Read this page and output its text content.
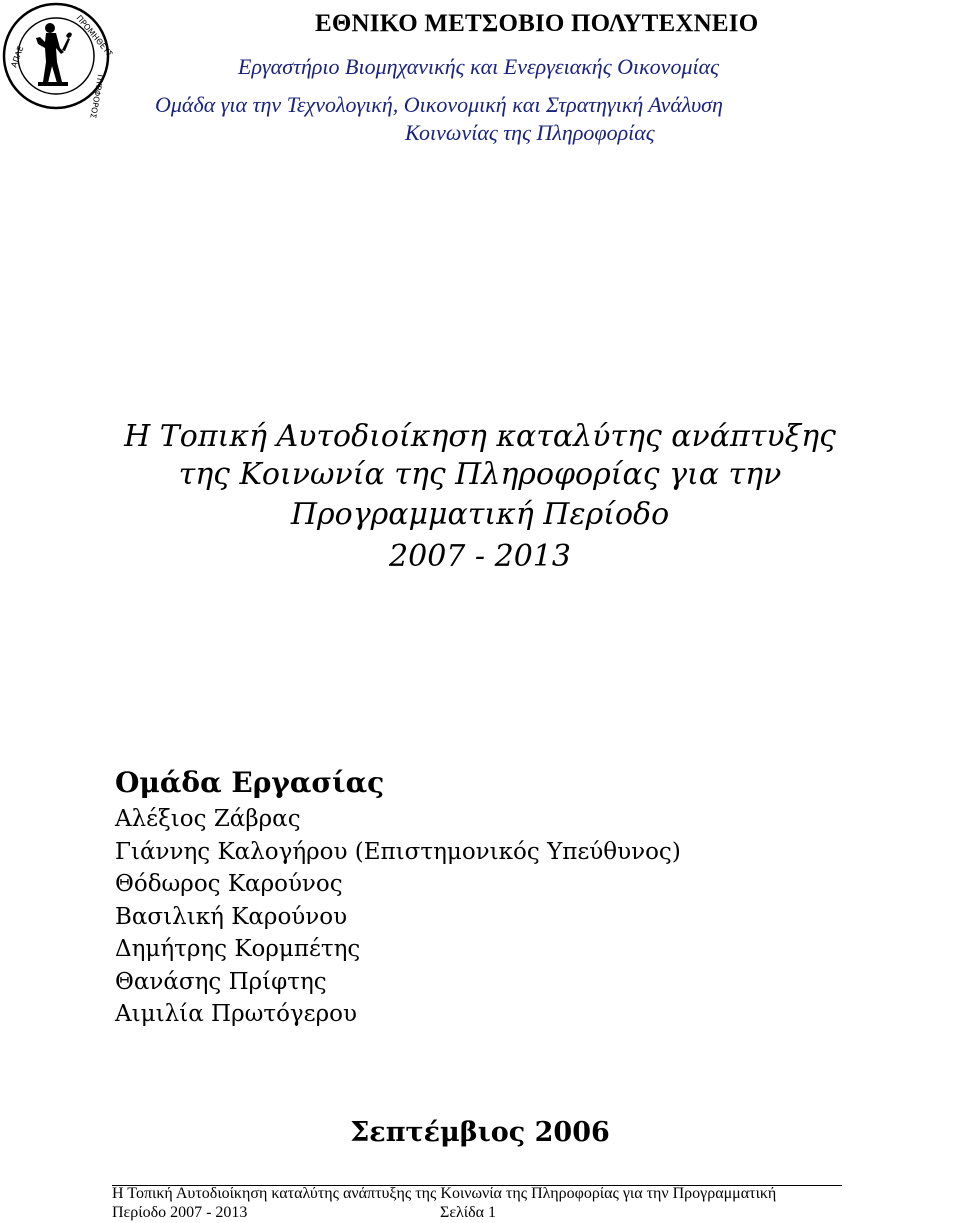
ΑΠΛΕ	ΠΡΟΜΗΘΕΥΣ
ΠΥΡΦΟΡΟΣ
ΕΘΝΙΚΟ ΜΕΤΣΟΒΙΟ ΠΟΛΥΤΕΧΝΕΙΟ
Εργαστήριο Βιομηχανικής και Ενεργειακής Οικονομίας
Ομάδα για την Τεχνολογική, Οικονομική και Στρατηγική Ανάλυση
Κοινωνίας της Πληροφορίας
Η Τοπική Αυτοδιοίκηση καταλύτης ανάπτυξης
της Κοινωνία της Πληροφορίας για την
Προγραμματική Περίοδο
2007 - 2013
Ομάδα Εργασίας
Αλέξιος Ζάβρας
Γιάννης Καλογήρου (Επιστημονικός Υπεύθυνος)
Θόδωρος Καρούνος
Βασιλική Καρούνου
Δημήτρης Κορμπέτης
Θανάσης Πρίφτης
Αιμιλία Πρωτόγερου
Σεπτέμβιος 2006
Η Τοπική Αυτοδιοίκηση καταλύτης ανάπτυξης της Κοινωνία της Πληροφορίας για την Προγραμματική
Περίοδο 2007 - 2013	Σελίδα 1
